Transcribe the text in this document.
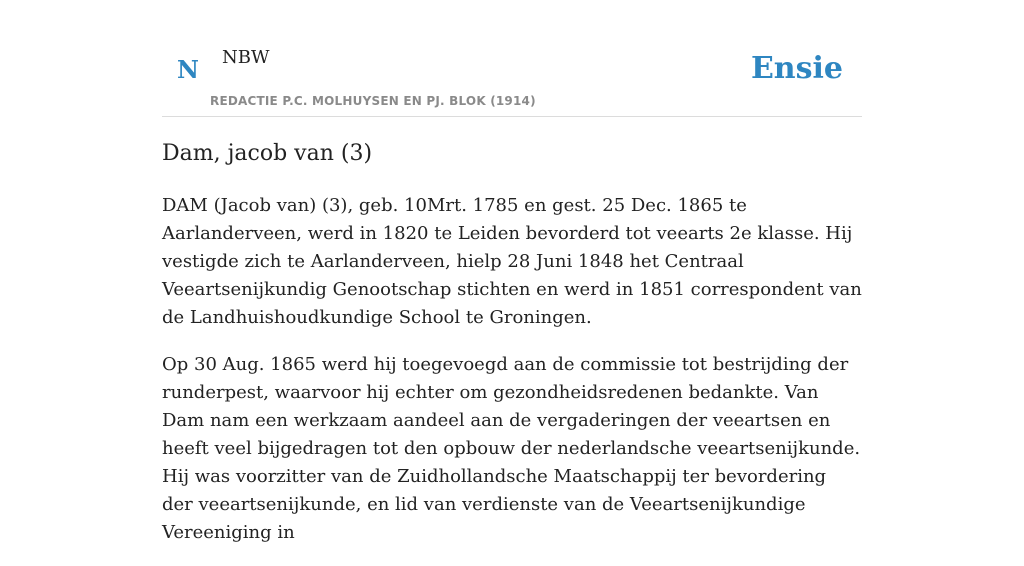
N NBW
REDACTIE P.C. MOLHUYSEN EN PJ. BLOK (1914)
Ensie
Dam, jacob van (3)

DAM (Jacob van) (3), geb. 10Mrt. 1785 en gest. 25 Dec. 1865 te Aarlanderveen, werd in 1820 te Leiden bevorderd tot veearts 2e klasse. Hij vestigde zich te Aarlanderveen, hielp 28 Juni 1848 het Centraal Veeartsenijkundig Genootschap stichten en werd in 1851 correspondent van de Landhuishoudkundige School te Groningen.

Op 30 Aug. 1865 werd hij toegevoegd aan de commissie tot bestrijding der runderpest, waarvoor hij echter om gezondheidsredenen bedankte. Van Dam nam een werkzaam aandeel aan de vergaderingen der veeartsen en heeft veel bijgedragen tot den opbouw der nederlandsche veeartsenijkunde. Hij was voorzitter van de Zuidhollandsche Maatschappij ter bevordering der veeartsenijkunde, en lid van verdienste van de Veeartsenijkundige Vereeniging in
